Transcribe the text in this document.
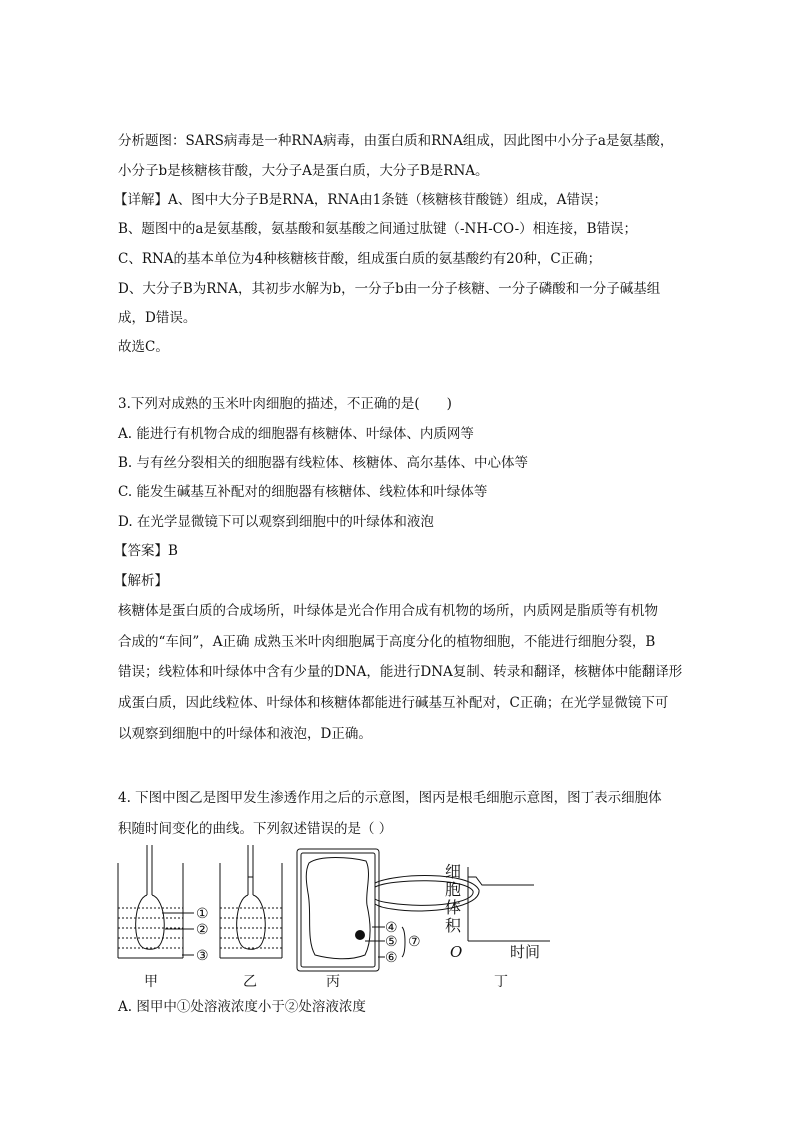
分析题图：SARS病毒是一种RNA病毒，由蛋白质和RNA组成，因此图中小分子a是氨基酸，
小分子b是核糖核苷酸，大分子A是蛋白质，大分子B是RNA。
【详解】A、图中大分子B是RNA，RNA由1条链（核糖核苷酸链）组成，A错误；
B、题图中的a是氨基酸，氨基酸和氨基酸之间通过肽键（-NH-CO-）相连接，B错误；
C、RNA的基本单位为4种核糖核苷酸，组成蛋白质的氨基酸约有20种，C正确；
D、大分子B为RNA，其初步水解为b，一分子b由一分子核糖、一分子磷酸和一分子碱基组
成，D错误。
故选C。
3.下列对成熟的玉米叶肉细胞的描述，不正确的是(　　)
A. 能进行有机物合成的细胞器有核糖体、叶绿体、内质网等
B. 与有丝分裂相关的细胞器有线粒体、核糖体、高尔基体、中心体等
C. 能发生碱基互补配对的细胞器有核糖体、线粒体和叶绿体等
D. 在光学显微镜下可以观察到细胞中的叶绿体和液泡
【答案】B
【解析】
核糖体是蛋白质的合成场所，叶绿体是光合作用合成有机物的场所，内质网是脂质等有机物
合成的“车间”，A正确 成熟玉米叶肉细胞属于高度分化的植物细胞，不能进行细胞分裂，B
错误；线粒体和叶绿体中含有少量的DNA，能进行DNA复制、转录和翻译，核糖体中能翻译形
成蛋白质，因此线粒体、叶绿体和核糖体都能进行碱基互补配对，C正确；在光学显微镜下可
以观察到细胞中的叶绿体和液泡，D正确。
4. 下图中图乙是图甲发生渗透作用之后的示意图，图丙是根毛细胞示意图，图丁表示细胞体
积随时间变化的曲线。下列叙述错误的是（ ）
①
②
③
甲	乙
④
⑤
⑥
⑦
丙
细
胞
体
积
O	时间
丁
A. 图甲中①处溶液浓度小于②处溶液浓度
